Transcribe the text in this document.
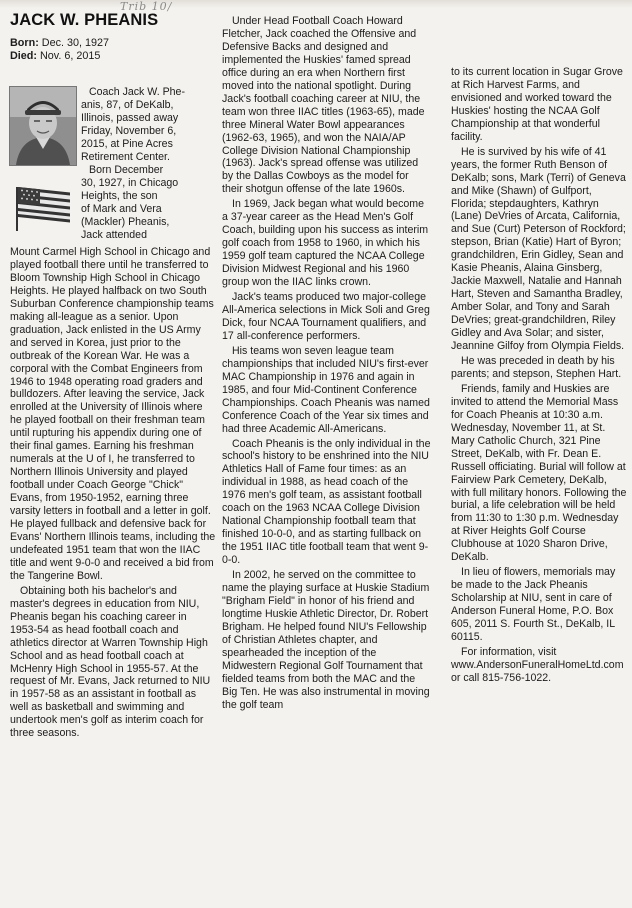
Trib 10/
JACK W. PHEANIS
Born: Dec. 30, 1927
Died: Nov. 6, 2015
Coach Jack W. Phe-
anis, 87, of DeKalb,
Illinois, passed away
Friday, November 6,
2015, at Pine Acres
Retirement Center.
Born December
30, 1927, in Chicago
Heights, the son
of Mark and Vera
(Mackler) Pheanis,
Jack attended

Mount Carmel High School in Chicago and played football there until he transferred to Bloom Township High School in Chicago Heights. He played halfback on two South Suburban Conference championship teams making all-league as a senior. Upon graduation, Jack enlisted in the US Army and served in Korea, just prior to the outbreak of the Korean War. He was a corporal with the Combat Engineers from 1946 to 1948 operating road graders and bulldozers. After leaving the service, Jack enrolled at the University of Illinois where he played football on their freshman team until rupturing his appendix during one of their final games. Earning his freshman numerals at the U of I, he transferred to Northern Illinois University and played football under Coach George "Chick" Evans, from 1950-1952, earning three varsity letters in football and a letter in golf. He played fullback and defensive back for Evans' Northern Illinois teams, including the undefeated 1951 team that won the IIAC title and went 9-0-0 and received a bid from the Tangerine Bowl.

Obtaining both his bachelor's and master's degrees in education from NIU, Pheanis began his coaching career in 1953-54 as head football coach and athletics director at Warren Township High School and as head football coach at McHenry High School in 1955-57. At the request of Mr. Evans, Jack returned to NIU in 1957-58 as an assistant in football as well as basketball and swimming and undertook men's golf as interim coach for three seasons.

Under Head Football Coach Howard Fletcher, Jack coached the Offensive and Defensive Backs and designed and implemented the Huskies' famed spread office during an era when Northern first moved into the national spotlight. During Jack's football coaching career at NIU, the team won three IIAC titles (1963-65), made three Mineral Water Bowl appearances (1962-63, 1965), and won the NAIA/AP College Division National Championship (1963). Jack's spread offense was utilized by the Dallas Cowboys as the model for their shotgun offense of the late 1960s.

In 1969, Jack began what would become a 37-year career as the Head Men's Golf Coach, building upon his success as interim golf coach from 1958 to 1960, in which his 1959 golf team captured the NCAA College Division Midwest Regional and his 1960 group won the IIAC links crown.

Jack's teams produced two major-college All-America selections in Mick Soli and Greg Dick, four NCAA Tournament qualifiers, and 17 all-conference performers.

His teams won seven league team championships that included NIU's first-ever MAC Championship in 1976 and again in 1985, and four Mid-Continent Conference Championships. Coach Pheanis was named Conference Coach of the Year six times and had three Academic All-Americans.

Coach Pheanis is the only individual in the school's history to be enshrined into the NIU Athletics Hall of Fame four times: as an individual in 1988, as head coach of the 1976 men's golf team, as assistant football coach on the 1963 NCAA College Division National Championship football team that finished 10-0-0, and as starting fullback on the 1951 IIAC title football team that went 9-0-0.

In 2002, he served on the committee to name the playing surface at Huskie Stadium "Brigham Field" in honor of his friend and longtime Huskie Athletic Director, Dr. Robert Brigham. He helped found NIU's Fellowship of Christian Athletes chapter, and spearheaded the inception of the Midwestern Regional Golf Tournament that fielded teams from both the MAC and the Big Ten. He was also instrumental in moving the golf team

to its current location in Sugar Grove at Rich Harvest Farms, and envisioned and worked toward the Huskies' hosting the NCAA Golf Championship at that wonderful facility.

He is survived by his wife of 41 years, the former Ruth Benson of DeKalb; sons, Mark (Terri) of Geneva and Mike (Shawn) of Gulfport, Florida; stepdaughters, Kathryn (Lane) DeVries of Arcata, California, and Sue (Curt) Peterson of Rockford; stepson, Brian (Katie) Hart of Byron; grandchildren, Erin Gidley, Sean and Kasie Pheanis, Alaina Ginsberg, Jackie Maxwell, Natalie and Hannah Hart, Steven and Samantha Bradley, Amber Solar, and Tony and Sarah DeVries; great-grandchildren, Riley Gidley and Ava Solar; and sister, Jeannine Gilfoy from Olympia Fields.

He was preceded in death by his parents; and stepson, Stephen Hart.

Friends, family and Huskies are invited to attend the Memorial Mass for Coach Pheanis at 10:30 a.m. Wednesday, November 11, at St. Mary Catholic Church, 321 Pine Street, DeKalb, with Fr. Dean E. Russell officiating. Burial will follow at Fairview Park Cemetery, DeKalb, with full military honors. Following the burial, a life celebration will be held from 11:30 to 1:30 p.m. Wednesday at River Heights Golf Course Clubhouse at 1020 Sharon Drive, DeKalb.

In lieu of flowers, memorials may be made to the Jack Pheanis Scholarship at NIU, sent in care of Anderson Funeral Home, P.O. Box 605, 2011 S. Fourth St., DeKalb, IL 60115.

For information, visit www.AndersonFuneralHomeLtd.com or call 815-756-1022.
